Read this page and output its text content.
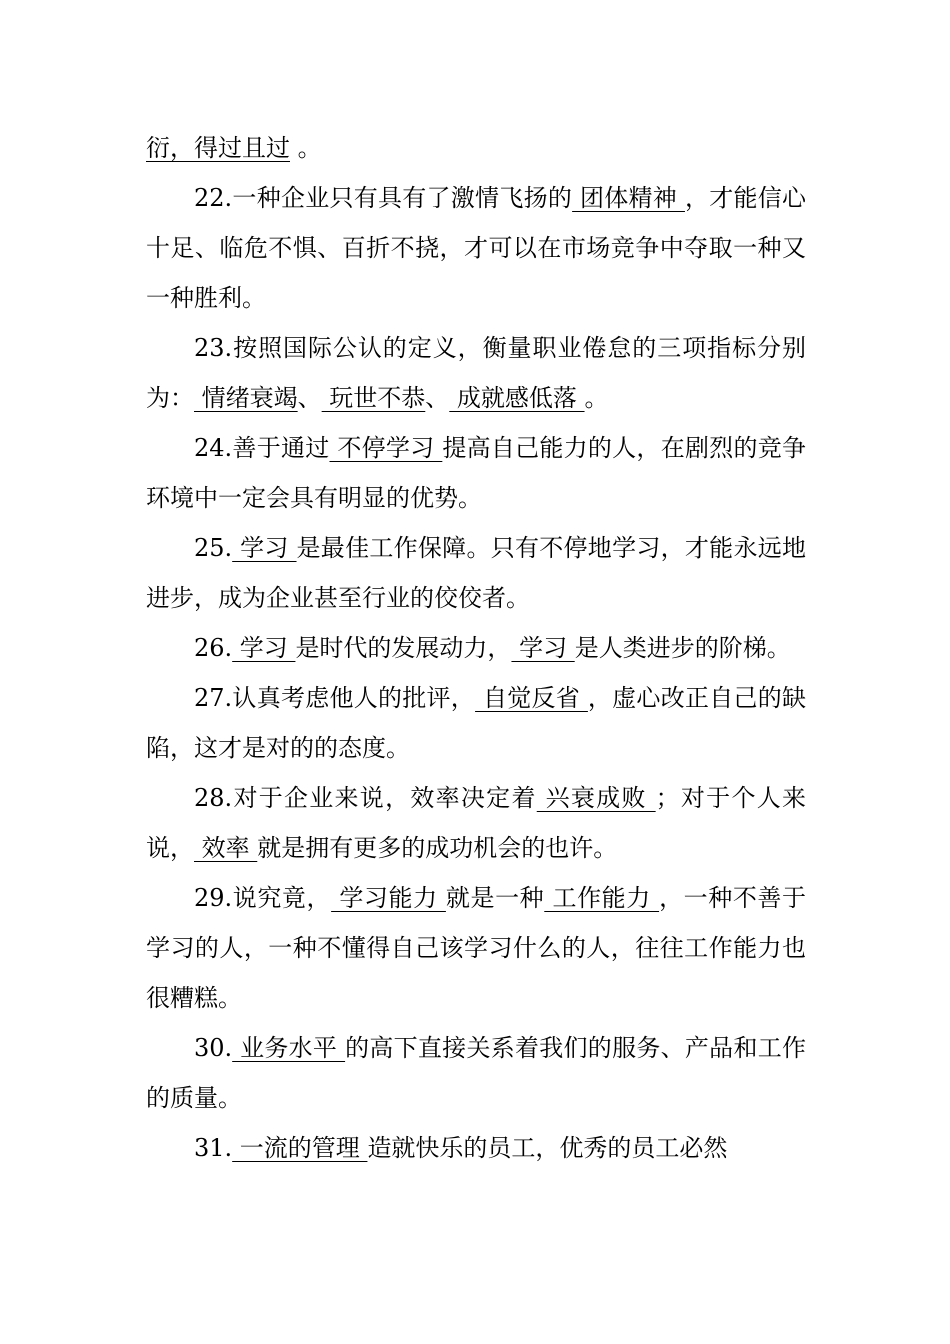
衍，得过且过 。

22.一种企业只有具有了激情飞扬的 团体精神 ，才能信心十足、临危不惧、百折不挠，才可以在市场竞争中夺取一种又一种胜利。

23.按照国际公认的定义，衡量职业倦怠的三项指标分别为： 情绪衰竭、 玩世不恭、 成就感低落 。

24.善于通过 不停学习 提高自己能力的人，在剧烈的竞争环境中一定会具有明显的优势。

25. 学习 是最佳工作保障。只有不停地学习，才能永远地进步，成为企业甚至行业的佼佼者。

26. 学习 是时代的发展动力， 学习 是人类进步的阶梯。

27.认真考虑他人的批评， 自觉反省 ，虚心改正自己的缺陷，这才是对的的态度。

28.对于企业来说，效率决定着 兴衰成败 ；对于个人来说， 效率 就是拥有更多的成功机会的也许。

29.说究竟， 学习能力 就是一种 工作能力 ，一种不善于学习的人，一种不懂得自己该学习什么的人，往往工作能力也很糟糕。

30. 业务水平 的高下直接关系着我们的服务、产品和工作的质量。

31. 一流的管理 造就快乐的员工，优秀的员工必然
